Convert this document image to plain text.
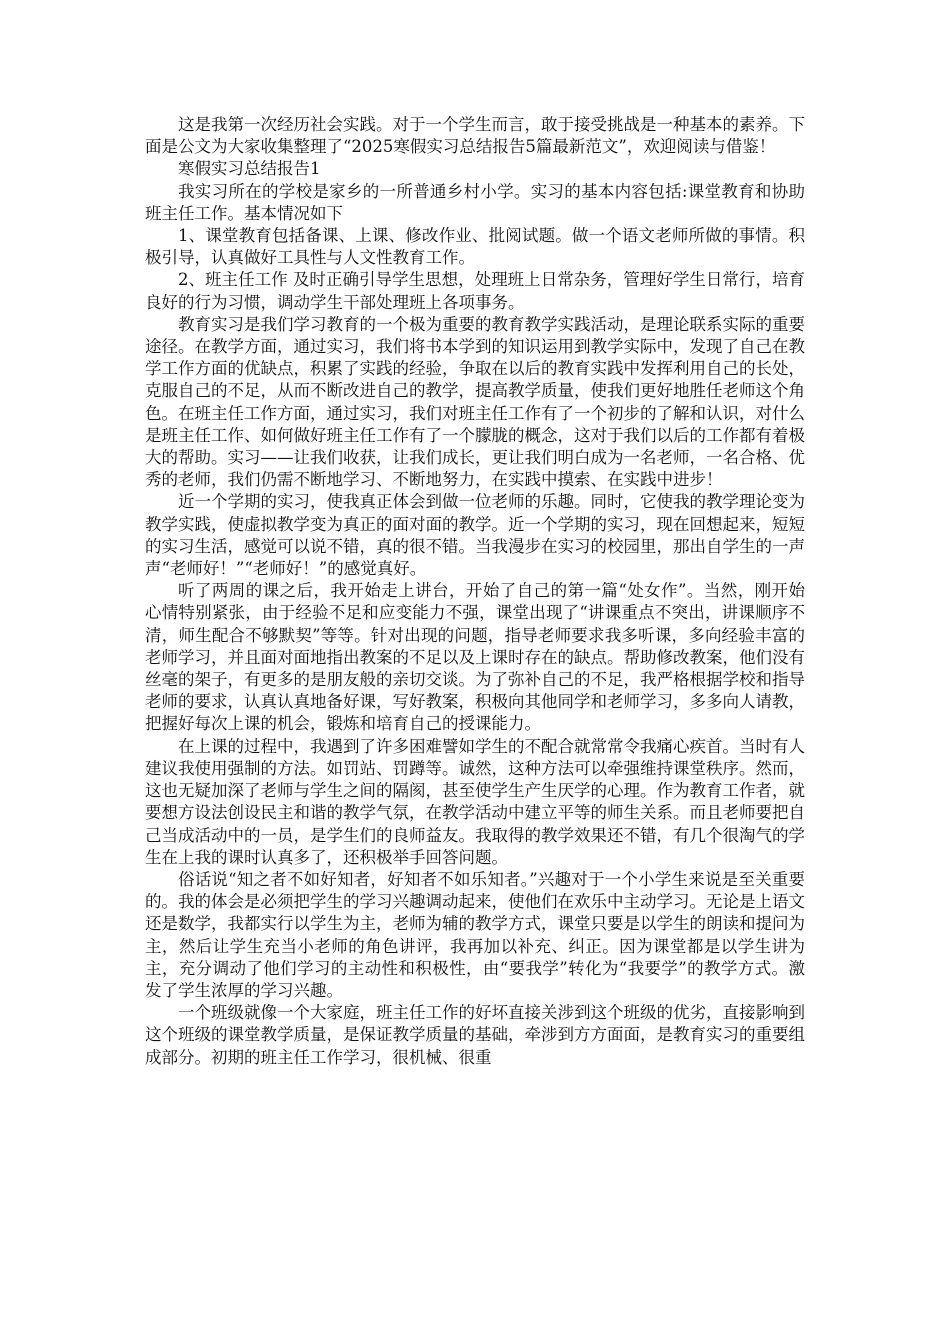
这是我第一次经历社会实践。对于一个学生而言，敢于接受挑战是一种基本的素养。下面是公文为大家收集整理了“2025寒假实习总结报告5篇最新范文”，欢迎阅读与借鉴！

寒假实习总结报告1

我实习所在的学校是家乡的一所普通乡村小学。实习的基本内容包括:课堂教育和协助班主任工作。基本情况如下

1、课堂教育包括备课、上课、修改作业、批阅试题。做一个语文老师所做的事情。积极引导，认真做好工具性与人文性教育工作。

2、班主任工作 及时正确引导学生思想，处理班上日常杂务，管理好学生日常行，培育良好的行为习惯，调动学生干部处理班上各项事务。

教育实习是我们学习教育的一个极为重要的教育教学实践活动，是理论联系实际的重要途径。在教学方面，通过实习，我们将书本学到的知识运用到教学实际中，发现了自己在教学工作方面的优缺点，积累了实践的经验，争取在以后的教育实践中发挥利用自己的长处，克服自己的不足，从而不断改进自己的教学，提高教学质量，使我们更好地胜任老师这个角色。在班主任工作方面，通过实习，我们对班主任工作有了一个初步的了解和认识，对什么是班主任工作、如何做好班主任工作有了一个朦胧的概念，这对于我们以后的工作都有着极大的帮助。实习——让我们收获，让我们成长，更让我们明白成为一名老师，一名合格、优秀的老师，我们仍需不断地学习、不断地努力，在实践中摸索、在实践中进步！

近一个学期的实习，使我真正体会到做一位老师的乐趣。同时，它使我的教学理论变为教学实践，使虚拟教学变为真正的面对面的教学。近一个学期的实习，现在回想起来，短短的实习生活，感觉可以说不错，真的很不错。当我漫步在实习的校园里，那出自学生的一声声“老师好！”“老师好！”的感觉真好。

听了两周的课之后，我开始走上讲台，开始了自己的第一篇“处女作”。当然，刚开始心情特别紧张，由于经验不足和应变能力不强，课堂出现了“讲课重点不突出，讲课顺序不清，师生配合不够默契”等等。针对出现的问题，指导老师要求我多听课，多向经验丰富的老师学习，并且面对面地指出教案的不足以及上课时存在的缺点。帮助修改教案，他们没有丝毫的架子，有更多的是朋友般的亲切交谈。为了弥补自己的不足，我严格根据学校和指导老师的要求，认真认真地备好课，写好教案，积极向其他同学和老师学习，多多向人请教，把握好每次上课的机会，锻炼和培育自己的授课能力。

在上课的过程中，我遇到了许多困难譬如学生的不配合就常常令我痛心疾首。当时有人建议我使用强制的方法。如罚站、罚蹲等。诚然，这种方法可以牵强维持课堂秩序。然而，这也无疑加深了老师与学生之间的隔阂，甚至使学生产生厌学的心理。作为教育工作者，就要想方设法创设民主和谐的教学气氛，在教学活动中建立平等的师生关系。而且老师要把自己当成活动中的一员，是学生们的良师益友。我取得的教学效果还不错，有几个很淘气的学生在上我的课时认真多了，还积极举手回答问题。

俗话说“知之者不如好知者，好知者不如乐知者。”兴趣对于一个小学生来说是至关重要的。我的体会是必须把学生的学习兴趣调动起来，使他们在欢乐中主动学习。无论是上语文还是数学，我都实行以学生为主，老师为辅的教学方式，课堂只要是以学生的朗读和提问为主，然后让学生充当小老师的角色讲评，我再加以补充、纠正。因为课堂都是以学生讲为主，充分调动了他们学习的主动性和积极性，由“要我学”转化为“我要学”的教学方式。激发了学生浓厚的学习兴趣。

一个班级就像一个大家庭，班主任工作的好坏直接关涉到这个班级的优劣，直接影响到这个班级的课堂教学质量，是保证教学质量的基础，牵涉到方方面面，是教育实习的重要组成部分。初期的班主任工作学习，很机械、很重
